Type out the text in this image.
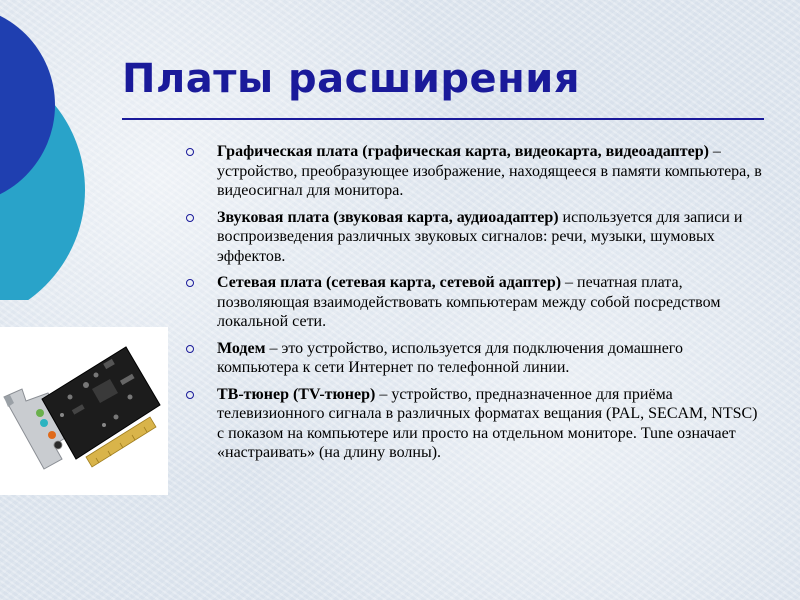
Платы расширения
Графическая плата (графическая карта, видеокарта, видеоадаптер) – устройство, преобразующее изображение, находящееся в памяти компьютера, в видеосигнал для монитора.
Звуковая плата (звуковая карта, аудиоадаптер) используется для записи и воспроизведения различных звуковых сигналов: речи, музыки, шумовых эффектов.
Сетевая плата (сетевая карта, сетевой адаптер) – печатная плата, позволяющая взаимодействовать компьютерам между собой посредством локальной сети.
Модем – это устройство, используется для подключения домашнего компьютера к сети Интернет по телефонной линии.
ТВ-тюнер (TV-тюнер) – устройство, предназначенное для приёма телевизионного сигнала в различных форматах вещания (PAL, SECAM, NTSC) с показом на компьютере или просто на отдельном мониторе. Tune означает «настраивать» (на длину волны).
